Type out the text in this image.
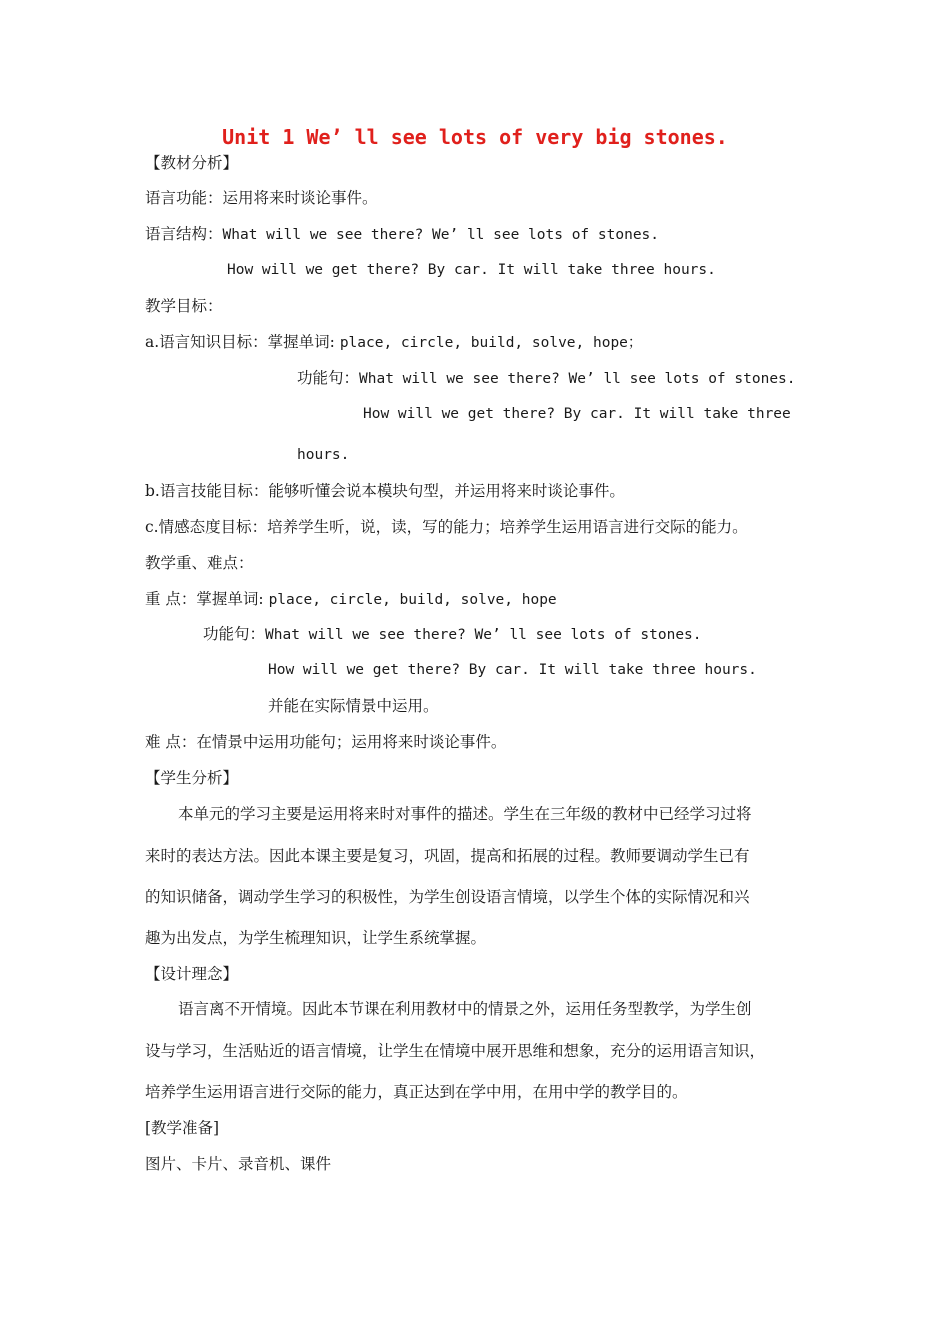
Unit 1 We’ ll see lots of very big stones.
【教材分析】
语言功能：运用将来时谈论事件。
语言结构：What will we see there? We’ ll see lots of stones.
How will we get there? By car. It will take three hours.
教学目标：
a.语言知识目标：掌握单词: place, circle, build, solve, hope；
功能句：What will we see there? We’ ll see lots of stones.
How will we get there? By car. It will take three
hours.
b.语言技能目标：能够听懂会说本模块句型，并运用将来时谈论事件。
c.情感态度目标：培养学生听，说，读，写的能力；培养学生运用语言进行交际的能力。
教学重、难点：
重 点：掌握单词: place, circle, build, solve, hope
功能句：What will we see there? We’ ll see lots of stones.
How will we get there? By car. It will take three hours.
并能在实际情景中运用。
难 点：在情景中运用功能句；运用将来时谈论事件。
【学生分析】
本单元的学习主要是运用将来时对事件的描述。学生在三年级的教材中已经学习过将
来时的表达方法。因此本课主要是复习，巩固，提高和拓展的过程。教师要调动学生已有
的知识储备，调动学生学习的积极性，为学生创设语言情境，以学生个体的实际情况和兴
趣为出发点，为学生梳理知识，让学生系统掌握。
【设计理念】
语言离不开情境。因此本节课在利用教材中的情景之外，运用任务型教学，为学生创
设与学习，生活贴近的语言情境，让学生在情境中展开思维和想象，充分的运用语言知识，
培养学生运用语言进行交际的能力，真正达到在学中用，在用中学的教学目的。
[教学准备]
图片、卡片、录音机、课件
